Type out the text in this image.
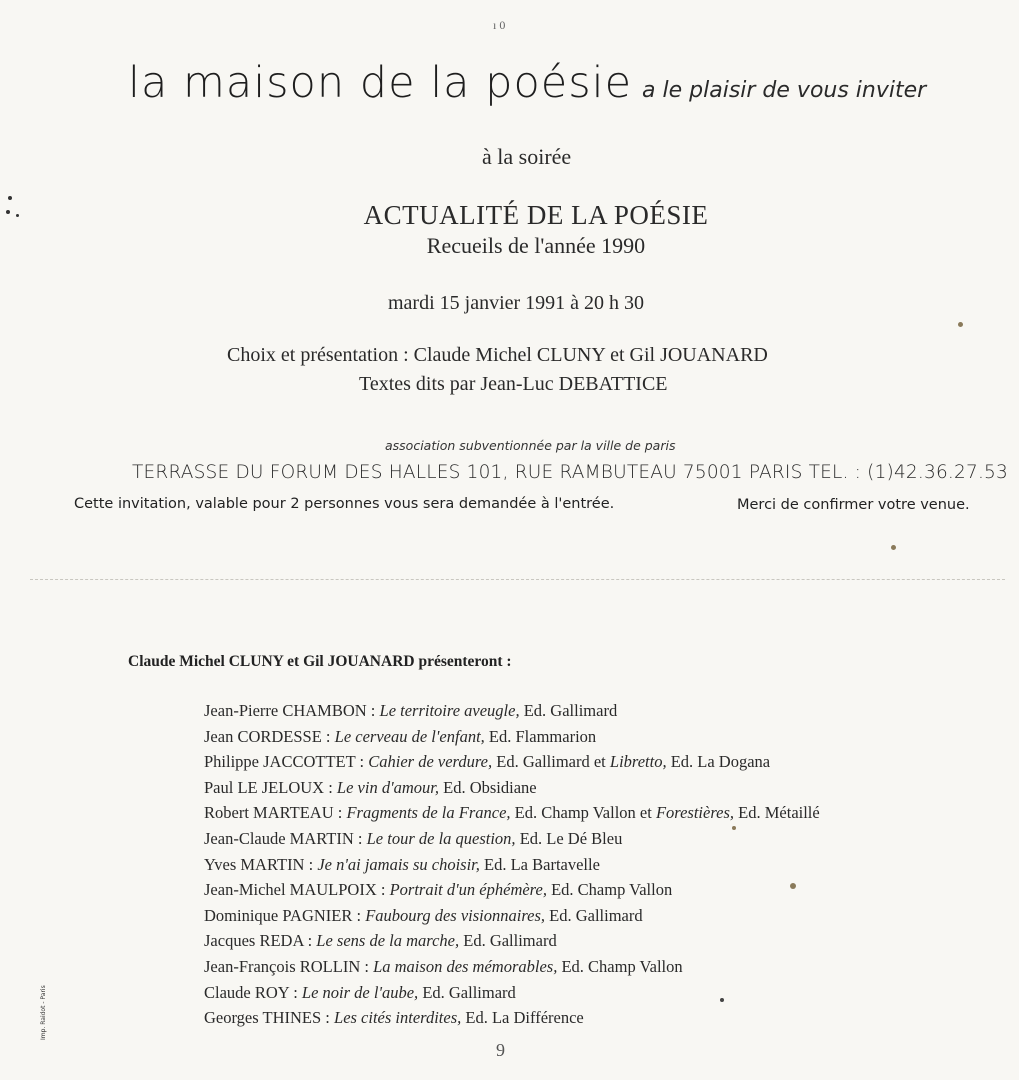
ı 0
la maison de la poésie a le plaisir de vous inviter
à la soirée
ACTUALITÉ DE LA POÉSIE
Recueils de l'année 1990
mardi 15 janvier 1991 à 20 h 30
Choix et présentation : Claude Michel CLUNY et Gil JOUANARD
Textes dits par Jean-Luc DEBATTICE
association subventionnée par la ville de paris
TERRASSE DU FORUM DES HALLES 101, RUE RAMBUTEAU 75001 PARIS TEL. : (1)42.36.27.53
Cette invitation, valable pour 2 personnes vous sera demandée à l'entrée.	Merci de confirmer votre venue.
Claude Michel CLUNY et Gil JOUANARD présenteront :
Jean-Pierre CHAMBON : Le territoire aveugle, Ed. Gallimard
Jean CORDESSE : Le cerveau de l'enfant, Ed. Flammarion
Philippe JACCOTTET : Cahier de verdure, Ed. Gallimard et Libretto, Ed. La Dogana
Paul LE JELOUX : Le vin d'amour, Ed. Obsidiane
Robert MARTEAU : Fragments de la France, Ed. Champ Vallon et Forestières, Ed. Métaillé
Jean-Claude MARTIN : Le tour de la question, Ed. Le Dé Bleu
Yves MARTIN : Je n'ai jamais su choisir, Ed. La Bartavelle
Jean-Michel MAULPOIX : Portrait d'un éphémère, Ed. Champ Vallon
Dominique PAGNIER : Faubourg des visionnaires, Ed. Gallimard
Jacques REDA : Le sens de la marche, Ed. Gallimard
Jean-François ROLLIN : La maison des mémorables, Ed. Champ Vallon
Claude ROY : Le noir de l'aube, Ed. Gallimard
Georges THINES : Les cités interdites, Ed. La Différence
Imp. Raidot - Paris
9
